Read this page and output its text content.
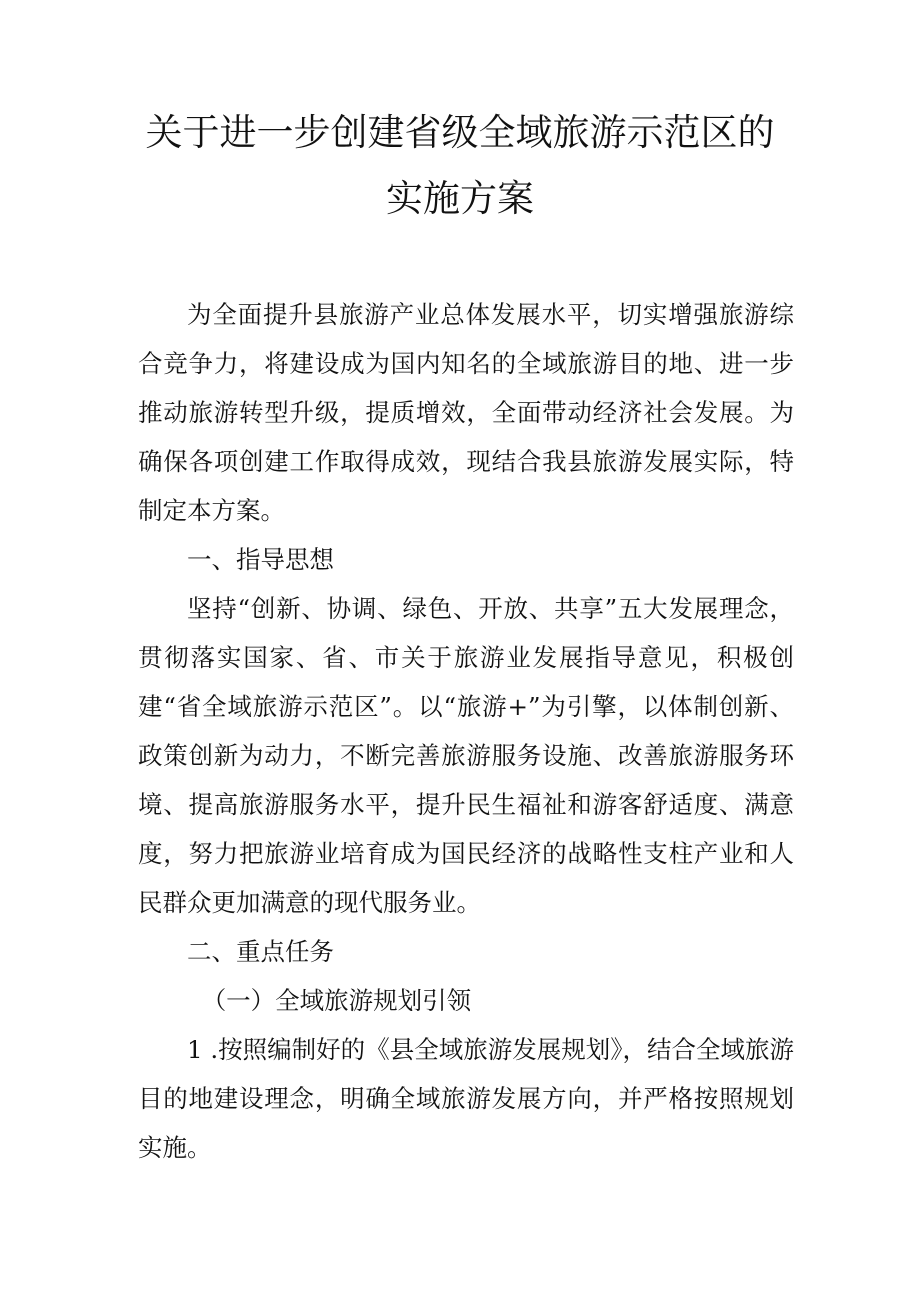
关于进一步创建省级全域旅游示范区的实施方案

为全面提升县旅游产业总体发展水平，切实增强旅游综合竞争力，将建设成为国内知名的全域旅游目的地、进一步推动旅游转型升级，提质增效，全面带动经济社会发展。为确保各项创建工作取得成效，现结合我县旅游发展实际，特制定本方案。

一、指导思想

坚持“创新、协调、绿色、开放、共享”五大发展理念，贯彻落实国家、省、市关于旅游业发展指导意见，积极创建“省全域旅游示范区”。以“旅游+”为引擎，以体制创新、政策创新为动力，不断完善旅游服务设施、改善旅游服务环境、提高旅游服务水平，提升民生福祉和游客舒适度、满意度，努力把旅游业培育成为国民经济的战略性支柱产业和人民群众更加满意的现代服务业。

二、重点任务

（一）全域旅游规划引领

1 .按照编制好的《县全域旅游发展规划》，结合全域旅游目的地建设理念，明确全域旅游发展方向，并严格按照规划实施。
